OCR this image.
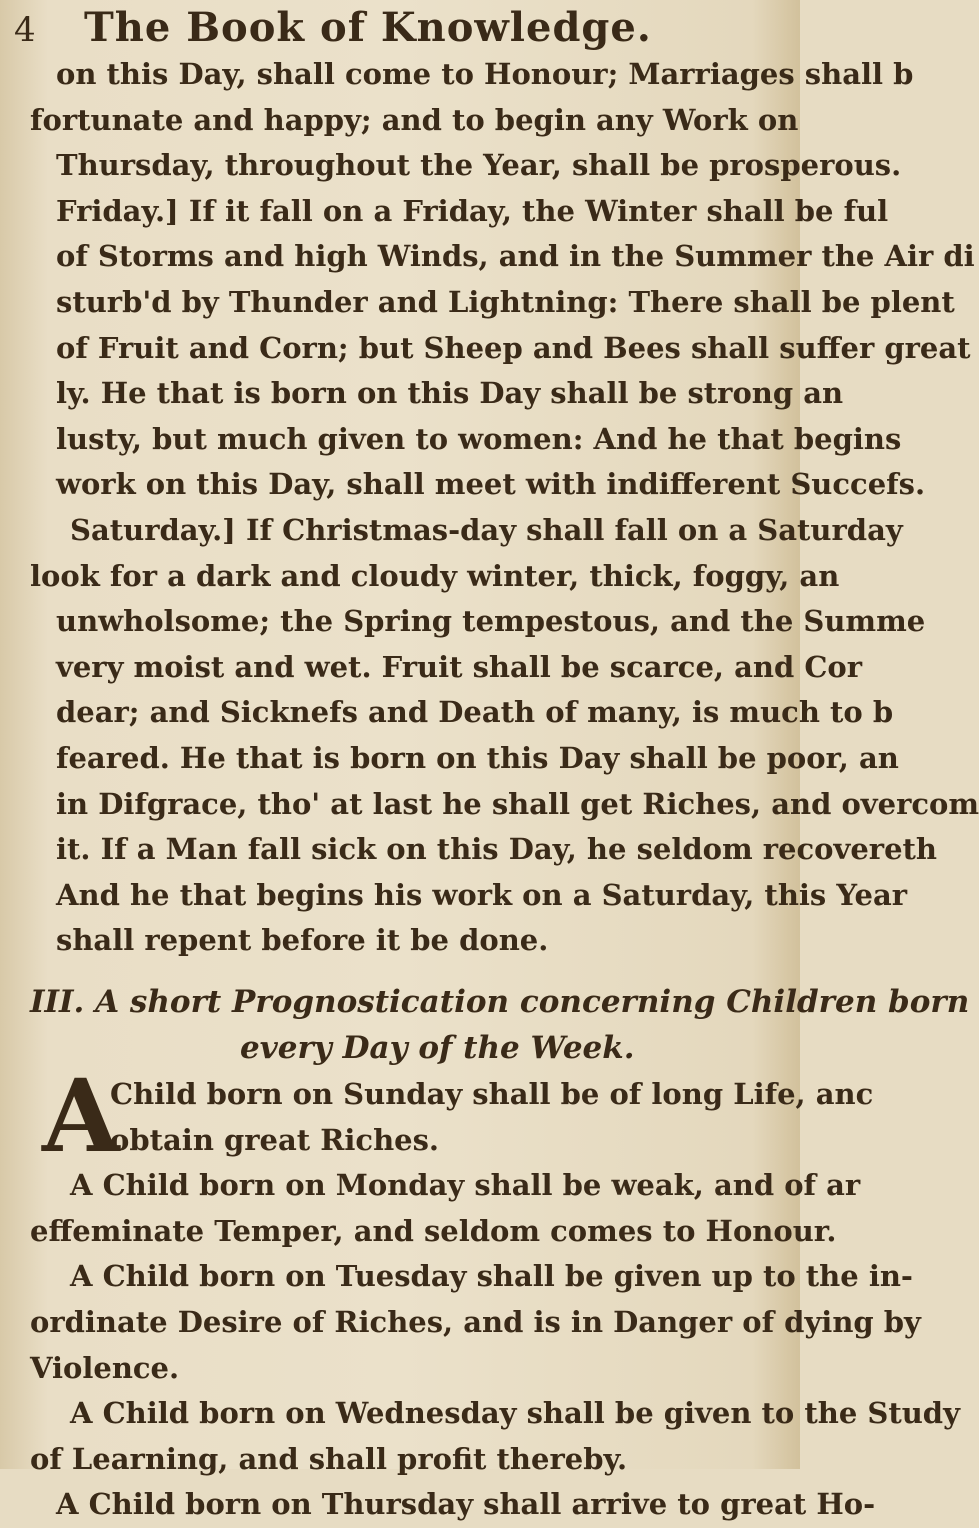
4	The Book of Knowledge.
on this Day, shall come to Honour; Marriages shall b
fortunate and happy; and to begin any Work on
Thursday, throughout the Year, shall be prosperous.
Friday.] If it fall on a Friday, the Winter shall be ful
of Storms and high Winds, and in the Summer the Air di
sturb'd by Thunder and Lightning: There shall be plent
of Fruit and Corn; but Sheep and Bees shall suffer great
ly. He that is born on this Day shall be strong an
lusty, but much given to women: And he that begins
work on this Day, shall meet with indifferent Succefs.
Saturday.] If Christmas-day shall fall on a Saturday
look for a dark and cloudy winter, thick, foggy, an
unwholsome; the Spring tempestous, and the Summe
very moist and wet. Fruit shall be scarce, and Cor
dear; and Sicknefs and Death of many, is much to b
feared. He that is born on this Day shall be poor, an
in Difgrace, tho' at last he shall get Riches, and overcom
it. If a Man fall sick on this Day, he seldom recovereth
And he that begins his work on a Saturday, this Year
shall repent before it be done.
III. A short Prognostication concerning Children born
every Day of the Week.
A
Child born on Sunday shall be of long Life, anc
obtain great Riches.
A Child born on Monday shall be weak, and of ar
effeminate Temper, and seldom comes to Honour.
A Child born on Tuesday shall be given up to the in-
ordinate Desire of Riches, and is in Danger of dying by
Violence.
A Child born on Wednesday shall be given to the Study
of Learning, and shall profit thereby.
A Child born on Thursday shall arrive to great Ho-
